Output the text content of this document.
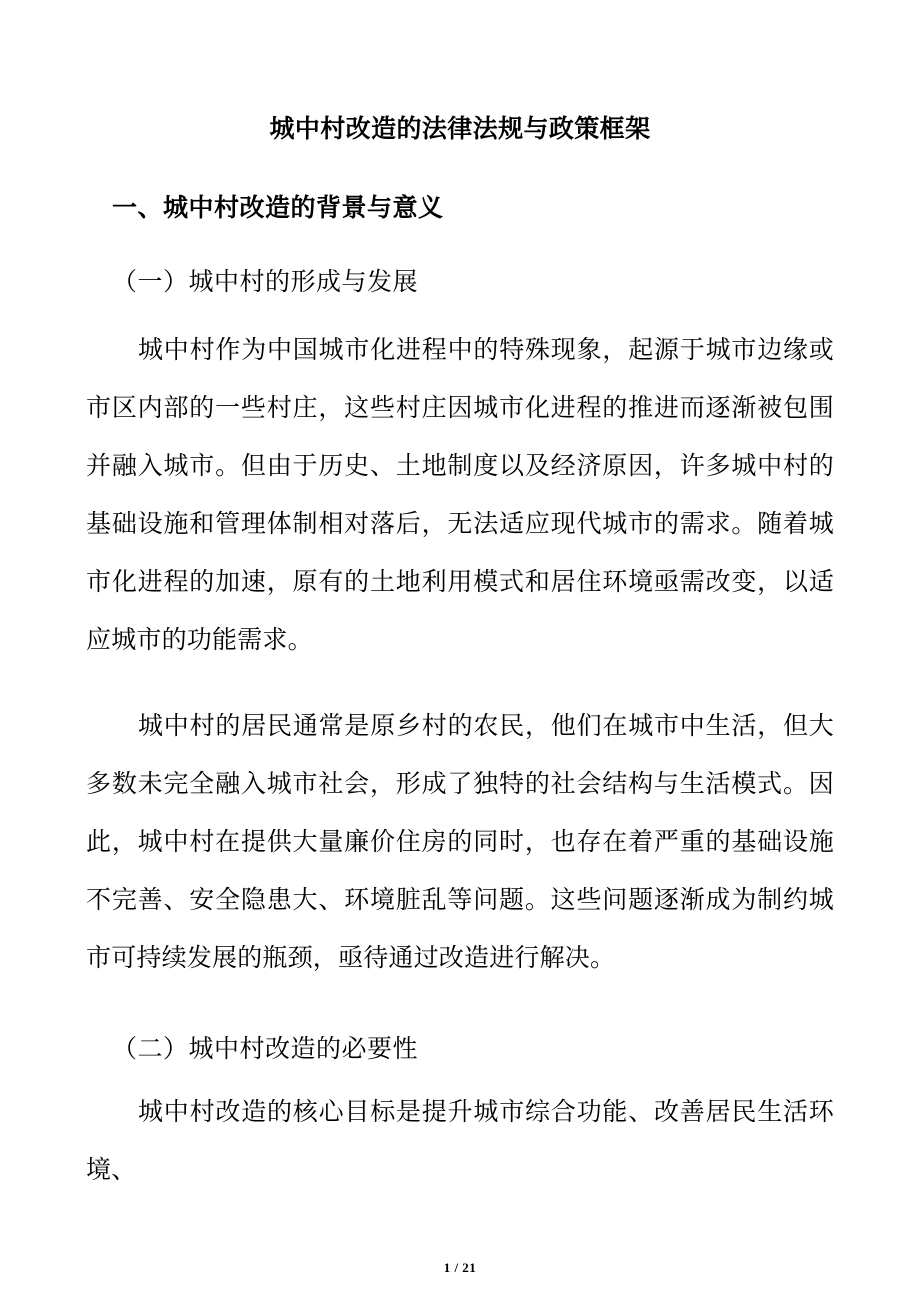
城中村改造的法律法规与政策框架
一、城中村改造的背景与意义
（一）城中村的形成与发展

城中村作为中国城市化进程中的特殊现象，起源于城市边缘或市区内部的一些村庄，这些村庄因城市化进程的推进而逐渐被包围并融入城市。但由于历史、土地制度以及经济原因，许多城中村的基础设施和管理体制相对落后，无法适应现代城市的需求。随着城市化进程的加速，原有的土地利用模式和居住环境亟需改变，以适应城市的功能需求。

城中村的居民通常是原乡村的农民，他们在城市中生活，但大多数未完全融入城市社会，形成了独特的社会结构与生活模式。因此，城中村在提供大量廉价住房的同时，也存在着严重的基础设施不完善、安全隐患大、环境脏乱等问题。这些问题逐渐成为制约城市可持续发展的瓶颈，亟待通过改造进行解决。

（二）城中村改造的必要性

城中村改造的核心目标是提升城市综合功能、改善居民生活环境、

1 / 21
